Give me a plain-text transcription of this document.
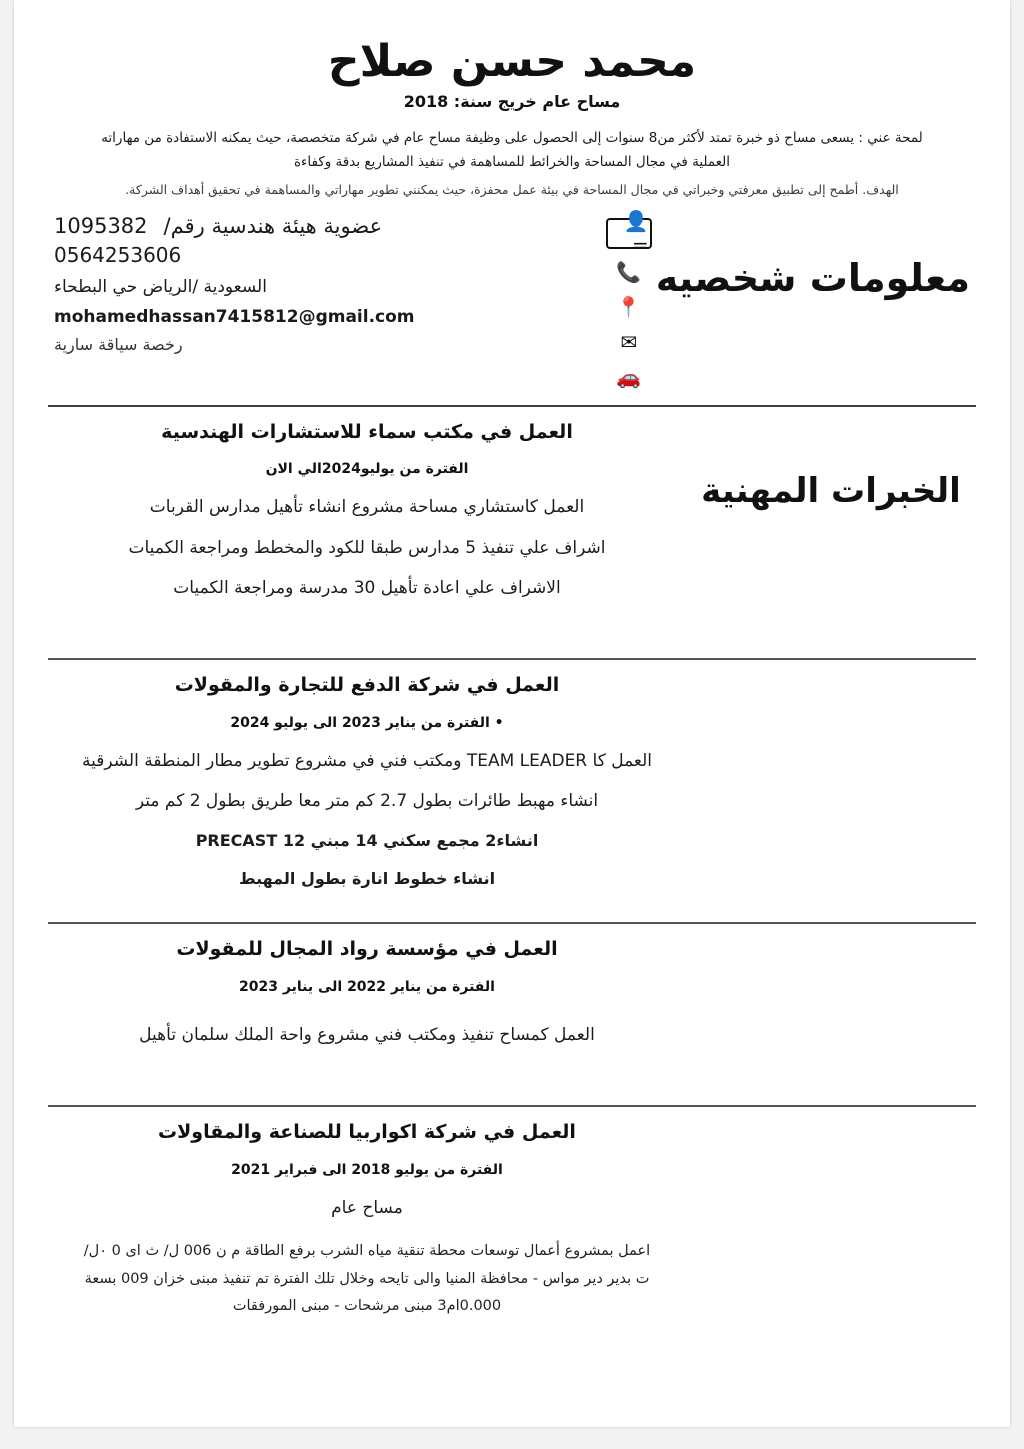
محمد حسن صلاح
مساح عام خريج سنة: 2018
لمحة عني : يسعى مساح ذو خبرة تمتد لأكثر من8 سنوات إلى الحصول على وظيفة مساح عام في شركة متخصصة، حيث يمكنه الاستفادة من مهاراته العملية في مجال المساحة والخرائط للمساهمة في تنفيذ المشاريع بدقة وكفاءة
الهدف. أطمح إلى تطبيق معرفتي وخبراتي في مجال المساحة في بيئة عمل محفزة، حيث يمكنني تطوير مهاراتي والمساهمة في تحقيق أهداف الشركة.
معلومات شخصيه
👤=
📞
📍
✉
🚗
عضوية هيئة هندسية رقم/
1095382
0564253606
السعودية /الرياض حي البطحاء
mohamedhassan7415812@gmail.com
رخصة سياقة سارية
الخبرات المهنية
العمل في مكتب سماء للاستشارات الهندسية
الفترة من يوليو2024الي الان
العمل كاستشاري مساحة مشروع انشاء تأهيل مدارس القربات
اشراف علي تنفيذ 5 مدارس طبقا للكود والمخطط ومراجعة الكميات
الاشراف علي اعادة تأهيل 30 مدرسة ومراجعة الكميات
العمل في شركة الدفع للتجارة والمقولات
• الفترة من يناير 2023 الى يوليو 2024
العمل كا TEAM LEADER ومكتب فني في مشروع تطوير مطار المنطقة الشرقية
انشاء مهبط طائرات بطول 2.7 كم متر معا طريق بطول 2 كم متر
انشاء2 مجمع سكني 14 مبني 12 PRECAST
انشاء خطوط انارة بطول المهبط
العمل في مؤسسة رواد المجال للمقولات
الفترة من يناير 2022 الى يناير 2023
العمل كمساح تنفيذ ومكتب فني مشروع واحة الملك سلمان تأهيل
العمل في شركة اكواربيا للصناعة والمقاولات
الفترة من يوليو 2018 الى فبراير 2021
مساح عام
اعمل بمشروع أعمال توسعات محطة تنقية مياه الشرب برفع الطاقة م ن 006 ل/ ث اى 0 ٠ل/ ت بدير دير مواس - محافظة المنيا والى تايحه وخلال تلك الفترة تم تنفيذ مبنى خزان 009 بسعة 0.000ام3 مبنى مرشحات - مبنى المورفقات
